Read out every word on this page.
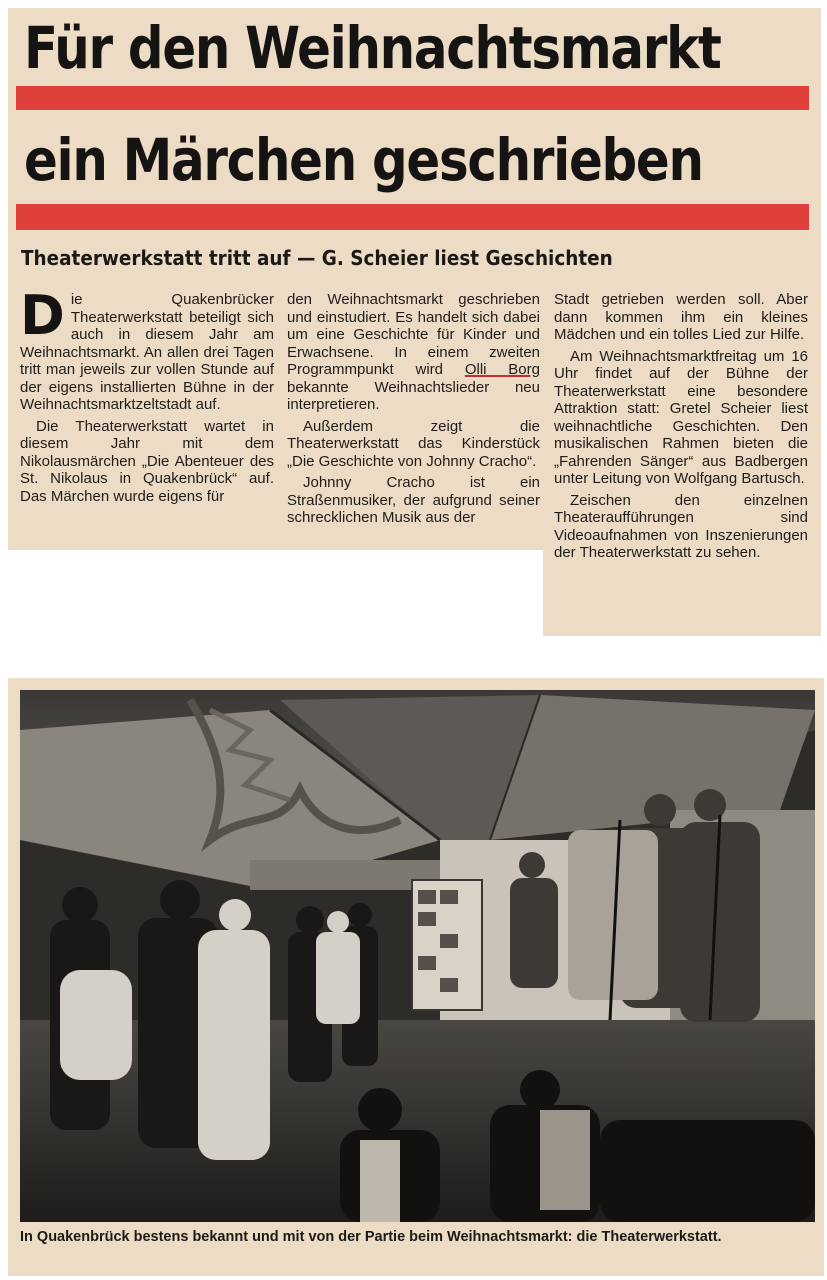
Für den Weihnachtsmarkt
ein Märchen geschrieben
Theaterwerkstatt tritt auf — G. Scheier liest Geschichten

Die Quakenbrücker Theaterwerkstatt beteiligt sich auch in diesem Jahr am Weihnachtsmarkt. An allen drei Tagen tritt man jeweils zur vollen Stunde auf der eigens installierten Bühne in der Weihnachtsmarktzeltstadt auf.

Die Theaterwerkstatt wartet in diesem Jahr mit dem Nikolausmärchen „Die Abenteuer des St. Nikolaus in Quakenbrück“ auf. Das Märchen wurde eigens für

den Weihnachtsmarkt geschrieben und einstudiert. Es handelt sich dabei um eine Geschichte für Kinder und Erwachsene. In einem zweiten Programmpunkt wird Olli Borg bekannte Weihnachtslieder neu interpretieren.

Außerdem zeigt die Theaterwerkstatt das Kinderstück „Die Geschichte von Johnny Cracho“.

Johnny Cracho ist ein Straßenmusiker, der aufgrund seiner schrecklichen Musik aus der

Stadt getrieben werden soll. Aber dann kommen ihm ein kleines Mädchen und ein tolles Lied zur Hilfe.

Am Weihnachtsmarktfreitag um 16 Uhr findet auf der Bühne der Theaterwerkstatt eine besondere Attraktion statt: Gretel Scheier liest weihnachtliche Geschichten. Den musikalischen Rahmen bieten die „Fahrenden Sänger“ aus Badbergen unter Leitung von Wolfgang Bartusch.

Zeischen den einzelnen Theateraufführungen sind Videoaufnahmen von Inszenierungen der Theaterwerkstatt zu sehen.

In Quakenbrück bestens bekannt und mit von der Partie beim Weihnachtsmarkt: die Theaterwerkstatt.
